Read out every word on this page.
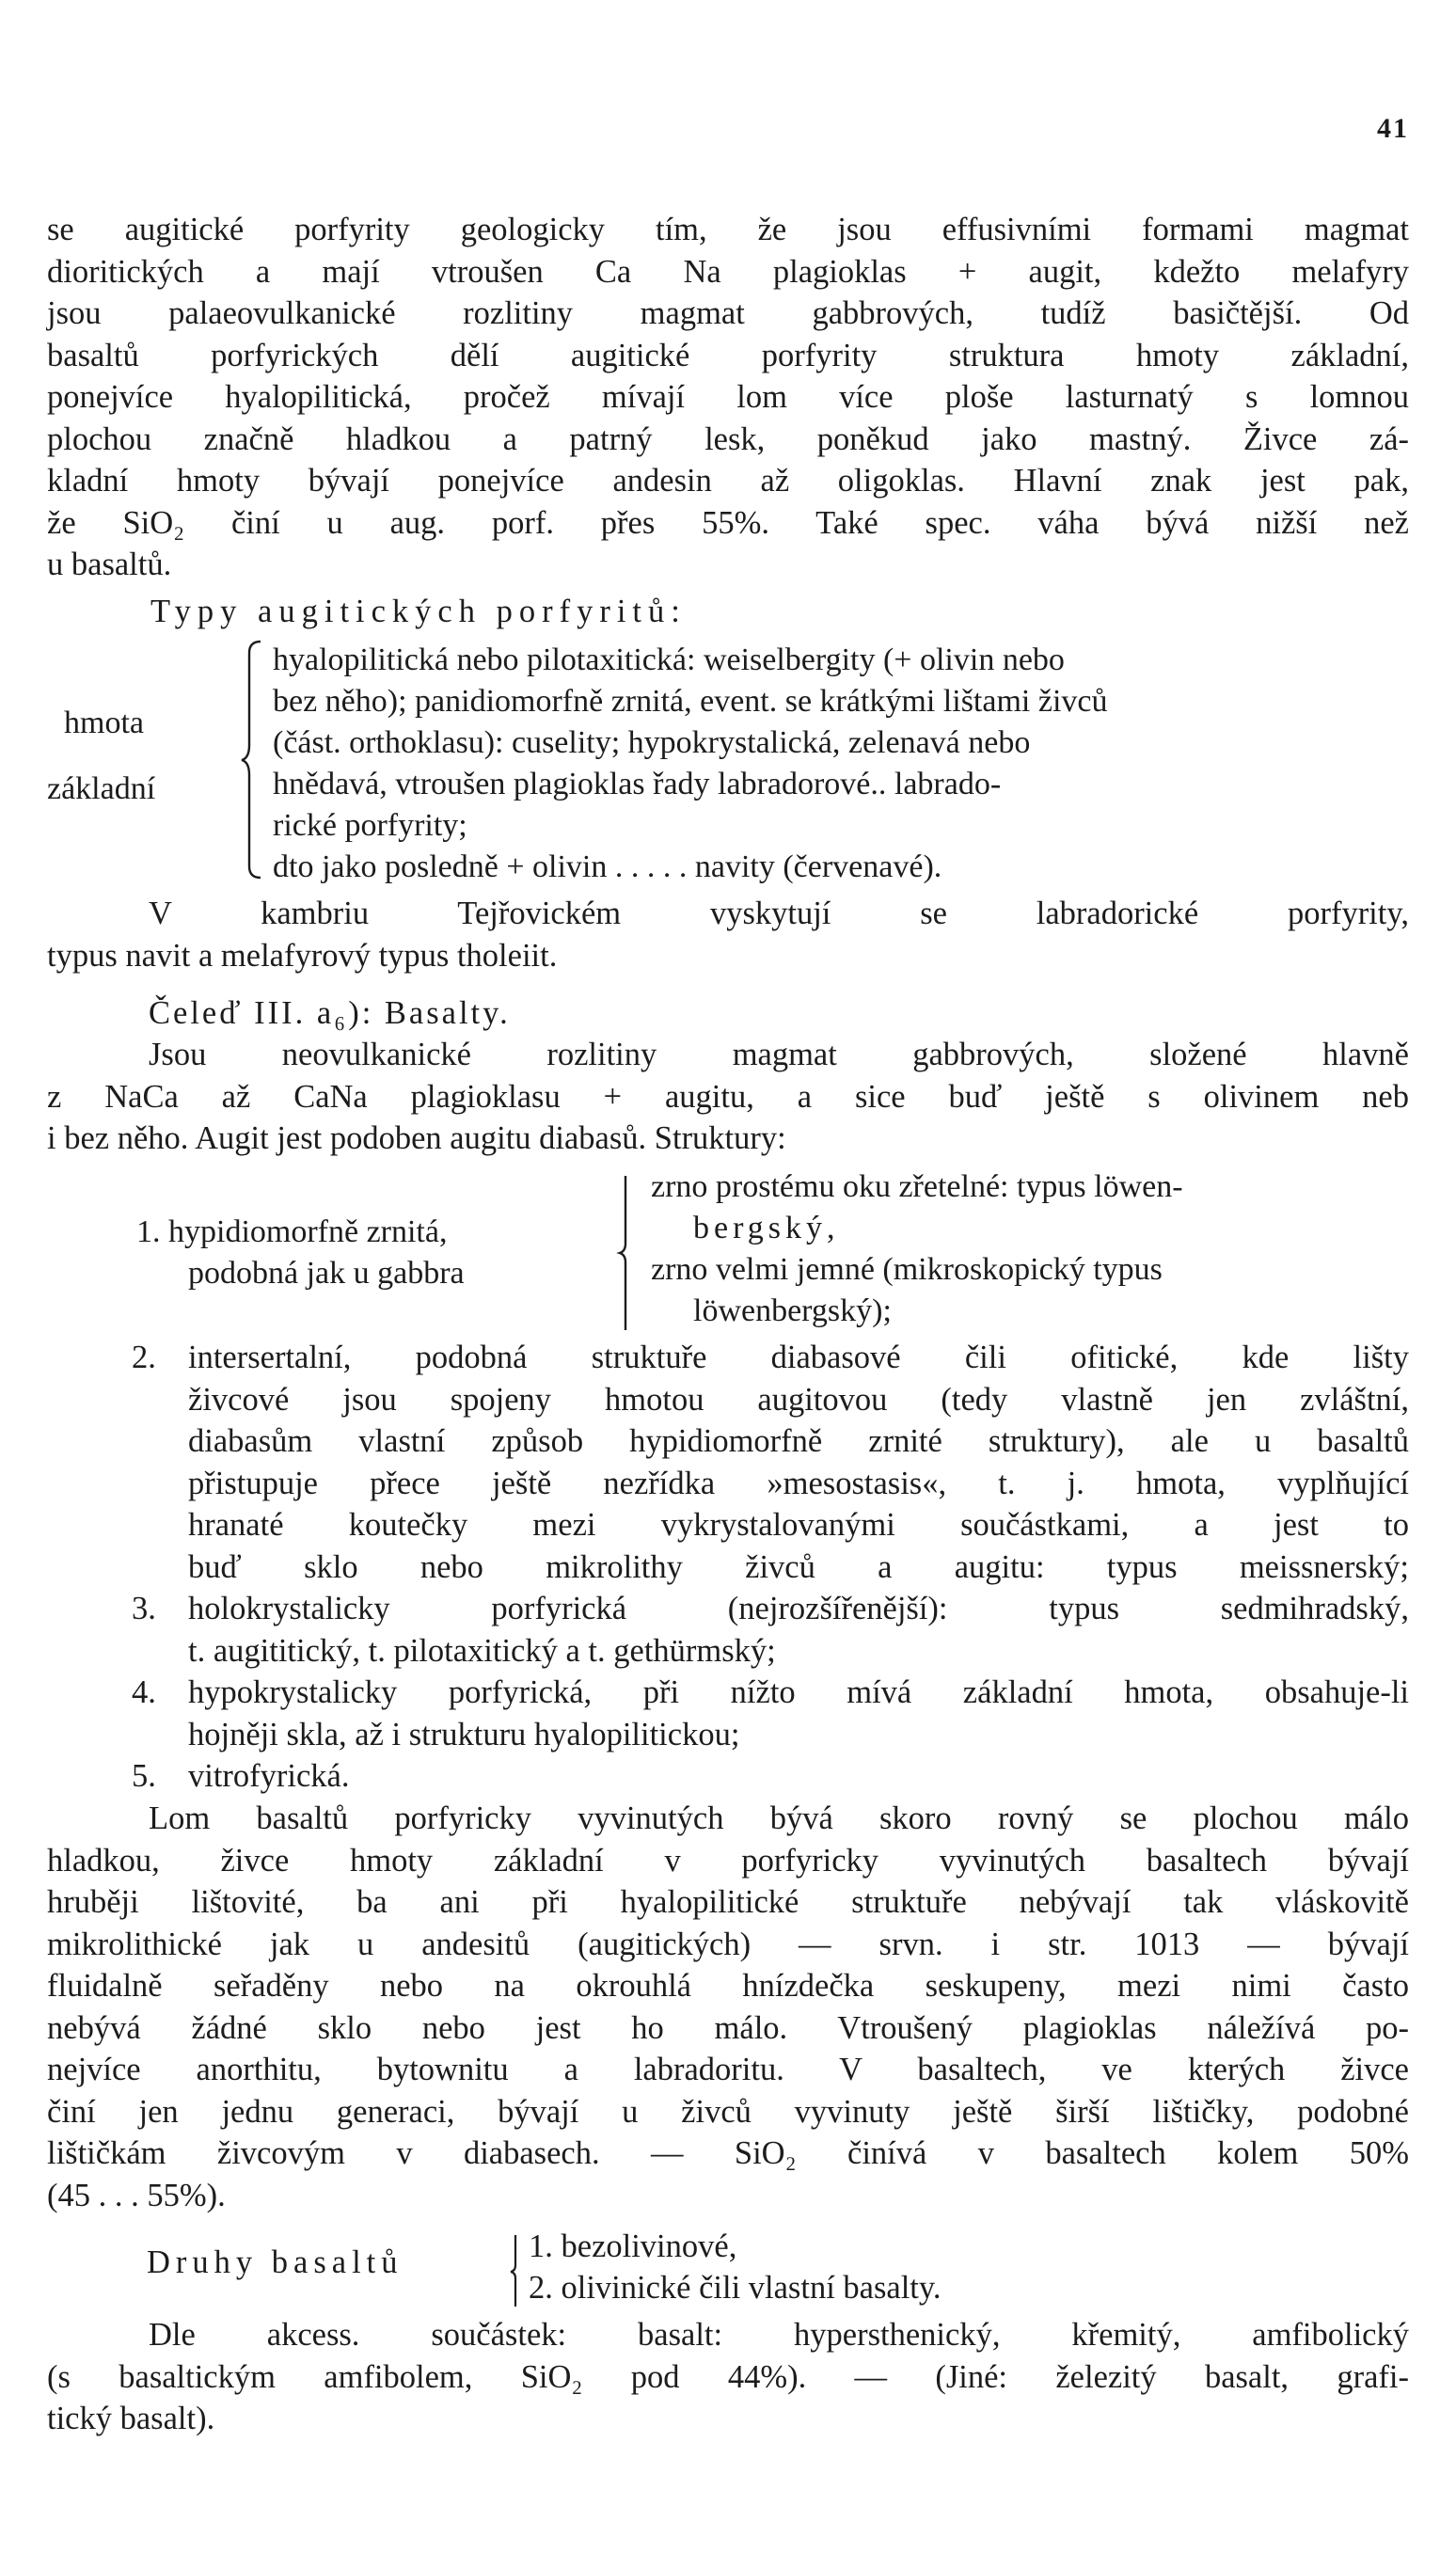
41
se augitické porfyrity geologicky tím, že jsou effusivními formami magmat
dioritických a mají vtroušen Ca Na plagioklas + augit, kdežto melafyry
jsou palaeovulkanické rozlitiny magmat gabbrových, tudíž basičtější. Od
basaltů porfyrických dělí augitické porfyrity struktura hmoty základní,
ponejvíce hyalopilitická, pročež mívají lom více ploše lasturnatý s lomnou
plochou značně hladkou a patrný lesk, poněkud jako mastný. Živce zá-
kladní hmoty bývají ponejvíce andesin až oligoklas. Hlavní znak jest pak,
že SiO₂ činí u aug. porf. přes 55%. Také spec. váha bývá nižší než
u basaltů.
Typy augitických porfyritů:
hmota
základní
hyalopilitická nebo pilotaxitická: weiselbergity (+ olivin nebo
bez něho); panidiomorfně zrnitá, event. se krátkými lištami živců
(část. orthoklasu): cuselity; hypokrystalická, zelenavá nebo
hnědavá, vtroušen plagioklas řady labradorové.. labrado-
rické porfyrity;
dto jako posledně + olivin . . . . . navity (červenavé).
V kambriu Tejřovickém vyskytují se labradorické porfyrity,
typus navit a melafyrový typus tholeiit.
Čeleď III. a₆): Basalty.
Jsou neovulkanické rozlitiny magmat gabbrových, složené hlavně
z NaCa až CaNa plagioklasu + augitu, a sice buď ještě s olivinem neb
i bez něho. Augit jest podoben augitu diabasů. Struktury:
1. hypidiomorfně zrnitá,
podobná jak u gabbra
zrno prostému oku zřetelné: typus löwen-
bergský,
zrno velmi jemné (mikroskopický typus
löwenbergský);
2. intersertalní, podobná struktuře diabasové čili ofitické, kde lišty
živcové jsou spojeny hmotou augitovou (tedy vlastně jen zvláštní,
diabasům vlastní způsob hypidiomorfně zrnité struktury), ale u basaltů
přistupuje přece ještě nezřídka »mesostasis«, t. j. hmota, vyplňující
hranaté koutečky mezi vykrystalovanými součástkami, a jest to
buď sklo nebo mikrolithy živců a augitu: typus meissnerský;
3. holokrystalicky porfyrická (nejrozšířenější): typus sedmihradský,
t. augititický, t. pilotaxitický a t. gethürmský;
4. hypokrystalicky porfyrická, při nížto mívá základní hmota, obsahuje-li
hojněji skla, až i strukturu hyalopilitickou;
5. vitrofyrická.
Lom basaltů porfyricky vyvinutých bývá skoro rovný se plochou málo
hladkou, živce hmoty základní v porfyricky vyvinutých basaltech bývají
hruběji lištovité, ba ani při hyalopilitické struktuře nebývají tak vláskovitě
mikrolithické jak u andesitů (augitických) — srvn. i str. 1013 — bývají
fluidalně seřaděny nebo na okrouhlá hnízdečka seskupeny, mezi nimi často
nebývá žádné sklo nebo jest ho málo. Vtroušený plagioklas náležívá po-
nejvíce anorthitu, bytownitu a labradoritu. V basaltech, ve kterých živce
činí jen jednu generaci, bývají u živců vyvinuty ještě širší lištičky, podobné
lištičkám živcovým v diabasech. — SiO₂ činívá v basaltech kolem 50%
(45 . . . 55%).
Druhy basaltů	1. bezolivinové,
2. olivinické čili vlastní basalty.
Dle akcess. součástek: basalt: hypersthenický, křemitý, amfibolický
(s basaltickým amfibolem, SiO₂ pod 44%). — (Jiné: železitý basalt, grafi-
tický basalt).
